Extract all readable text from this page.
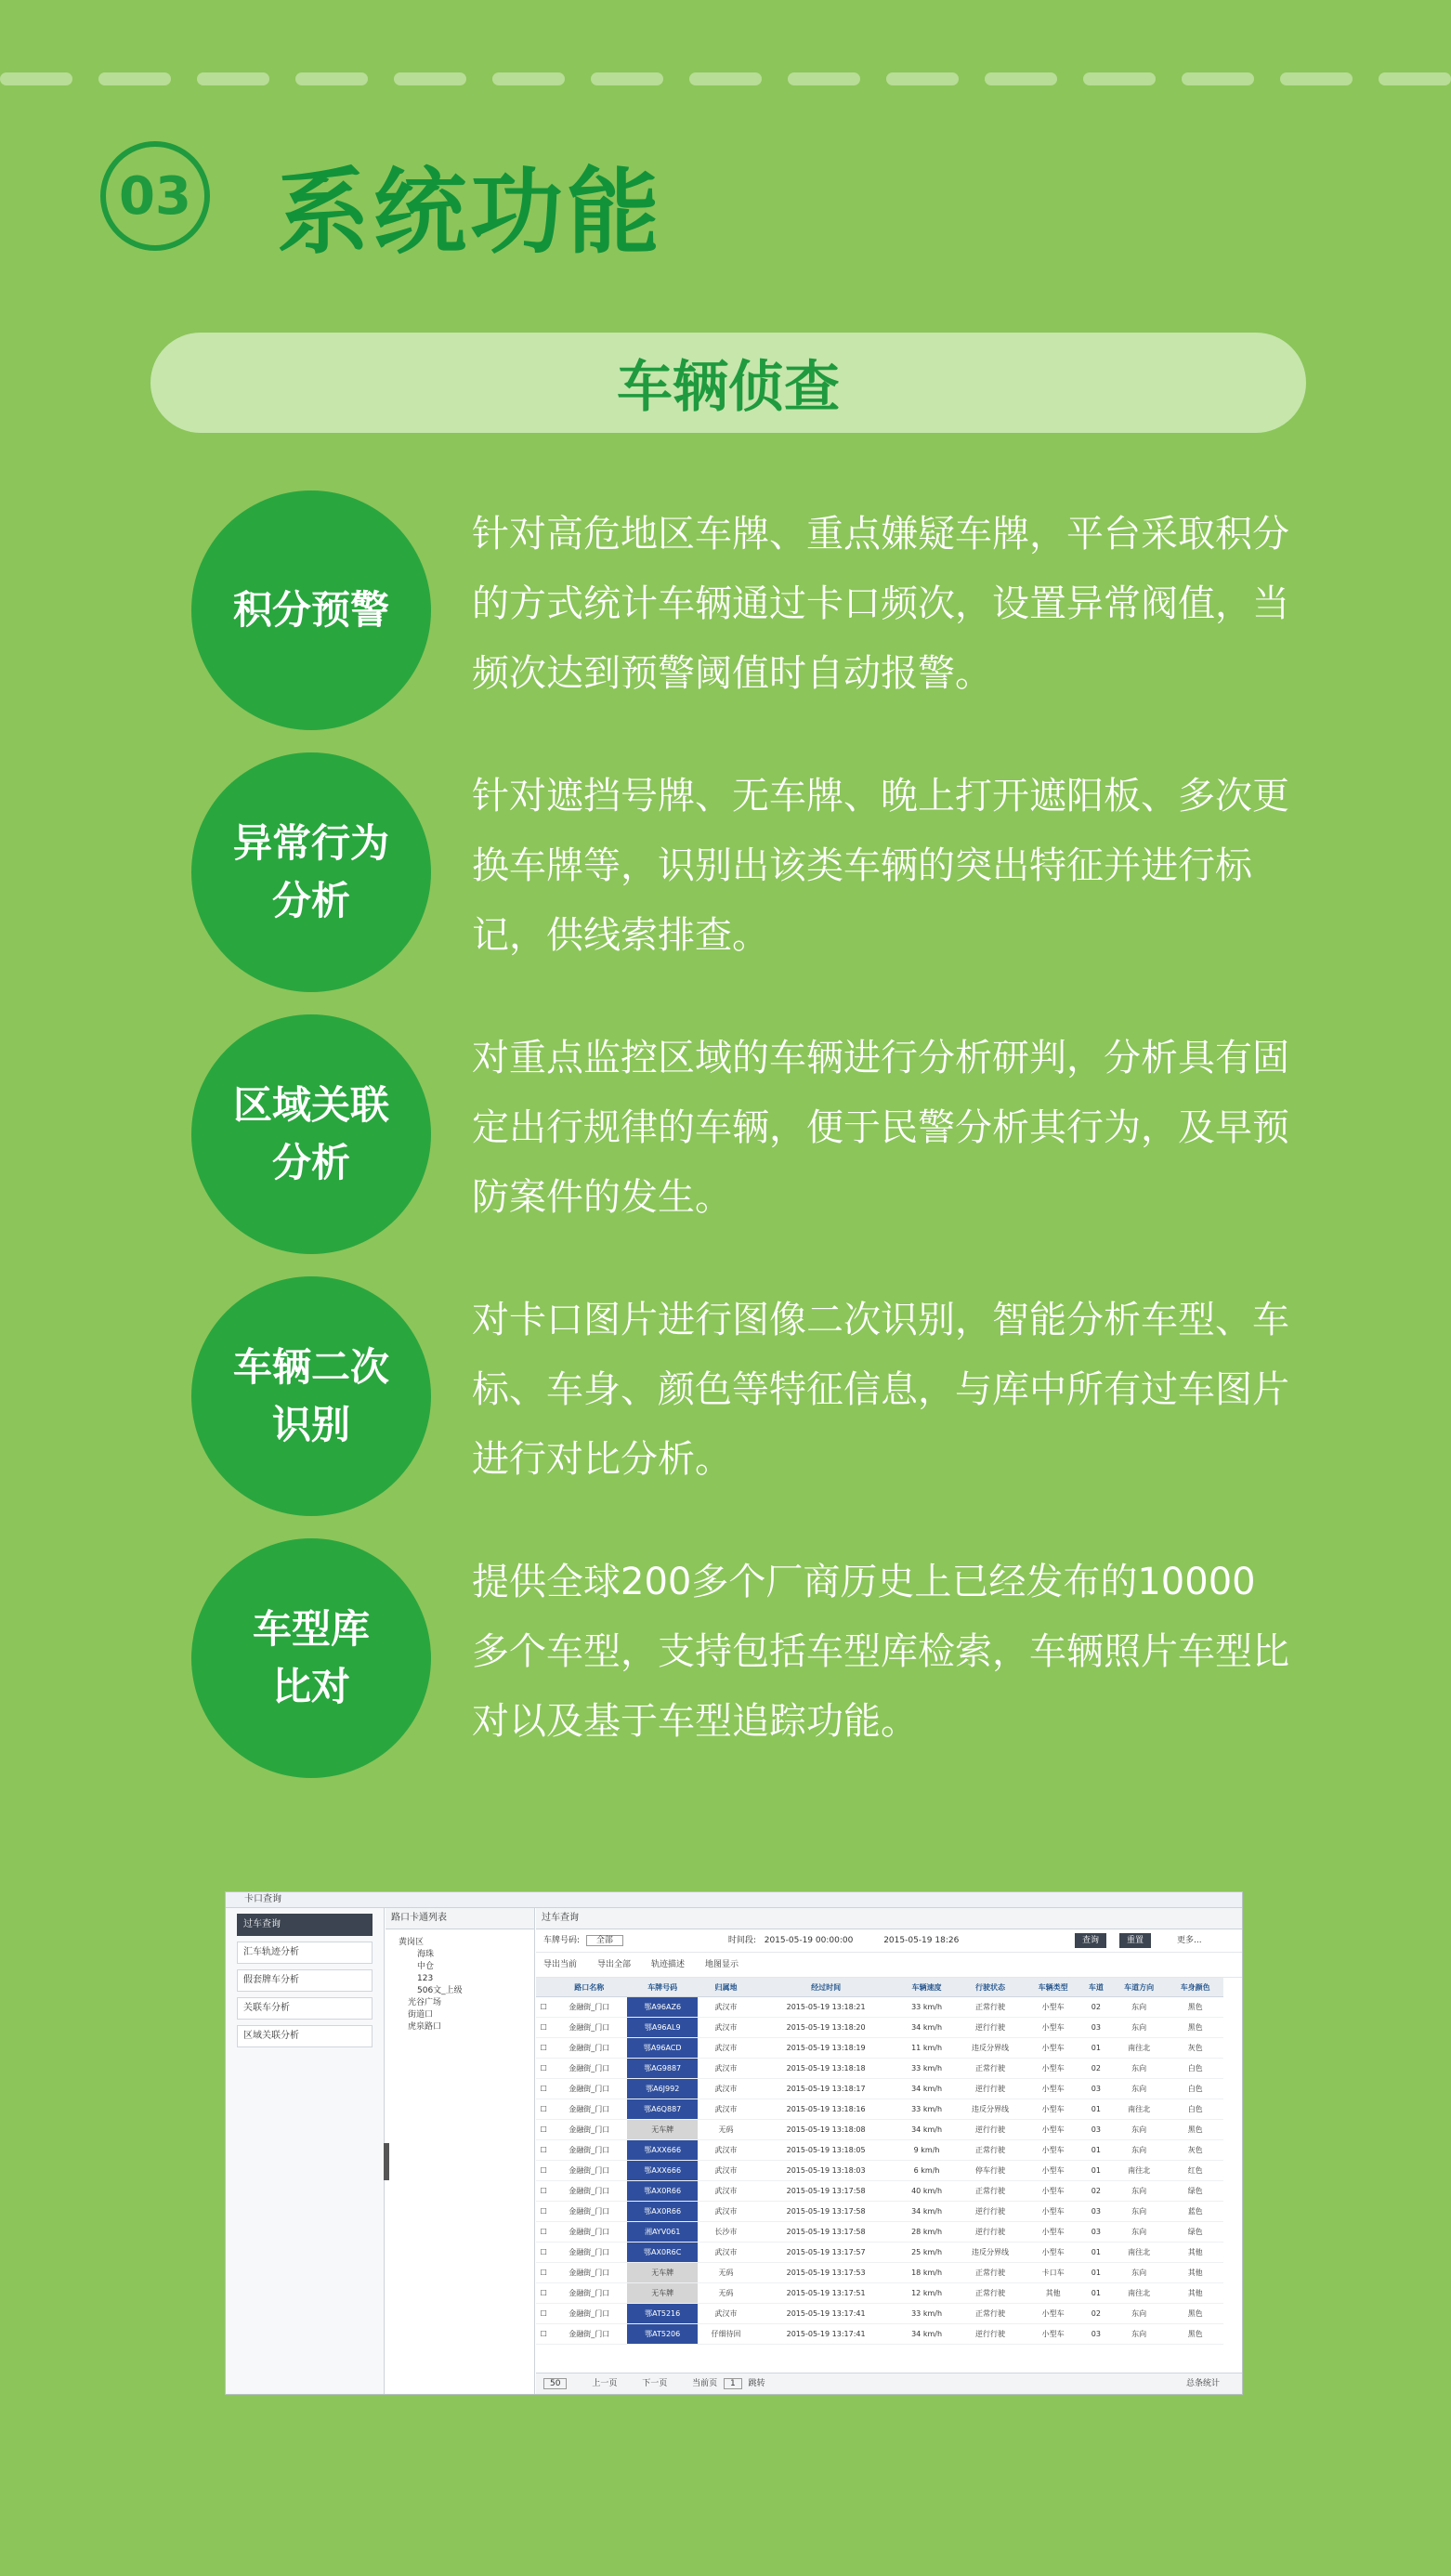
03 系统功能
车辆侦查
积分预警
针对高危地区车牌、重点嫌疑车牌，平台采取积分的方式统计车辆通过卡口频次，设置异常阀值，当频次达到预警阈值时自动报警。
异常行为
分析
针对遮挡号牌、无车牌、晚上打开遮阳板、多次更换车牌等，识别出该类车辆的突出特征并进行标记，供线索排查。
区域关联
分析
对重点监控区域的车辆进行分析研判，分析具有固定出行规律的车辆，便于民警分析其行为，及早预防案件的发生。
车辆二次
识别
对卡口图片进行图像二次识别，智能分析车型、车标、车身、颜色等特征信息，与库中所有过车图片进行对比分析。
车型库
比对
提供全球200多个厂商历史上已经发布的10000多个车型，支持包括车型库检索，车辆照片车型比对以及基于车型追踪功能。
卡口查询
过车查询
汇车轨迹分析
假套牌车分析
关联车分析
区域关联分析
路口卡通列表
黄岗区
海珠
中仓
123
506文_上级
光谷广场
街道口
虎泉路口
过车查询
车牌号码: 全部	时间段: 2015-05-19 00:00:00	2015-05-19 18:26	查询	重置	更多...
导出当前 导出全部 轨迹描述 地图显示
	路口名称	车牌号码	归属地	经过时间	车辆速度	行驶状态	车辆类型	车道	车道方向	车身颜色
☐	金融街_门口	鄂A96AZ6	武汉市	2015-05-19 13:18:21	33 km/h	正常行驶	小型车	02	东向	黑色
☐	金融街_门口	鄂A96AL9	武汉市	2015-05-19 13:18:20	34 km/h	逆行行驶	小型车	03	东向	黑色
☐	金融街_门口	鄂A96ACD	武汉市	2015-05-19 13:18:19	11 km/h	违反分界线	小型车	01	南往北	灰色
☐	金融街_门口	鄂AG9887	武汉市	2015-05-19 13:18:18	33 km/h	正常行驶	小型车	02	东向	白色
☐	金融街_门口	鄂A6J992	武汉市	2015-05-19 13:18:17	34 km/h	逆行行驶	小型车	03	东向	白色
☐	金融街_门口	鄂A6Q887	武汉市	2015-05-19 13:18:16	33 km/h	违反分界线	小型车	01	南往北	白色
☐	金融街_门口	无车牌	无码	2015-05-19 13:18:08	34 km/h	逆行行驶	小型车	03	东向	黑色
☐	金融街_门口	鄂AXX666	武汉市	2015-05-19 13:18:05	9 km/h	正常行驶	小型车	01	东向	灰色
☐	金融街_门口	鄂AXX666	武汉市	2015-05-19 13:18:03	6 km/h	停车行驶	小型车	01	南往北	红色
☐	金融街_门口	鄂AX0R66	武汉市	2015-05-19 13:17:58	40 km/h	正常行驶	小型车	02	东向	绿色
☐	金融街_门口	鄂AX0R66	武汉市	2015-05-19 13:17:58	34 km/h	逆行行驶	小型车	03	东向	蓝色
☐	金融街_门口	湘AYV061	长沙市	2015-05-19 13:17:58	28 km/h	逆行行驶	小型车	03	东向	绿色
☐	金融街_门口	鄂AX0R6C	武汉市	2015-05-19 13:17:57	25 km/h	违反分界线	小型车	01	南往北	其他
☐	金融街_门口	无车牌	无码	2015-05-19 13:17:53	18 km/h	正常行驶	卡口车	01	东向	其他
☐	金融街_门口	无车牌	无码	2015-05-19 13:17:51	12 km/h	正常行驶	其他	01	南往北	其他
☐	金融街_门口	鄂AT5216	武汉市	2015-05-19 13:17:41	33 km/h	正常行驶	小型车	02	东向	黑色
☐	金融街_门口	鄂AT5206	仔细待回	2015-05-19 13:17:41	34 km/h	逆行行驶	小型车	03	东向	黑色
50	上一页	下一页	当前页 1 跳转	总条统计
